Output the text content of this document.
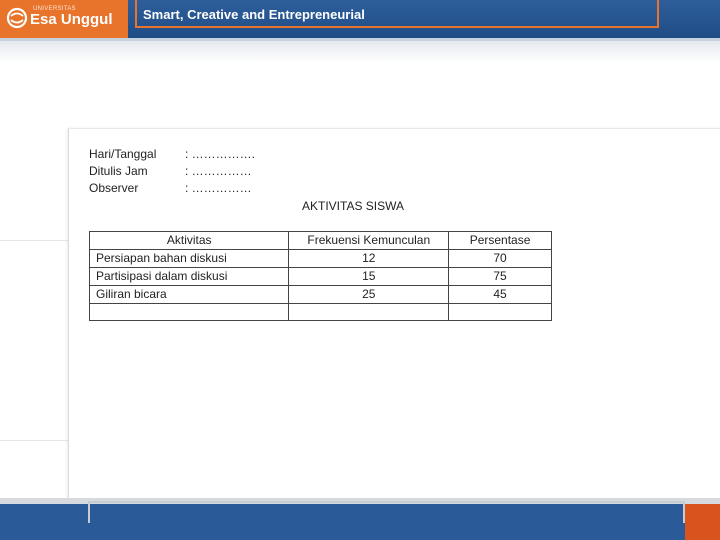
UNIVERSITAS
Esa Unggul Smart, Creative and Entrepreneurial
Hari/Tanggal : …………….
Ditulis Jam	: ……………
Observer	: ……………
AKTIVITAS SISWA
Aktivitas	Frekuensi Kemunculan	Persentase
Persiapan bahan diskusi	12	70
Partisipasi dalam diskusi	15	75
Giliran bicara	25	45
